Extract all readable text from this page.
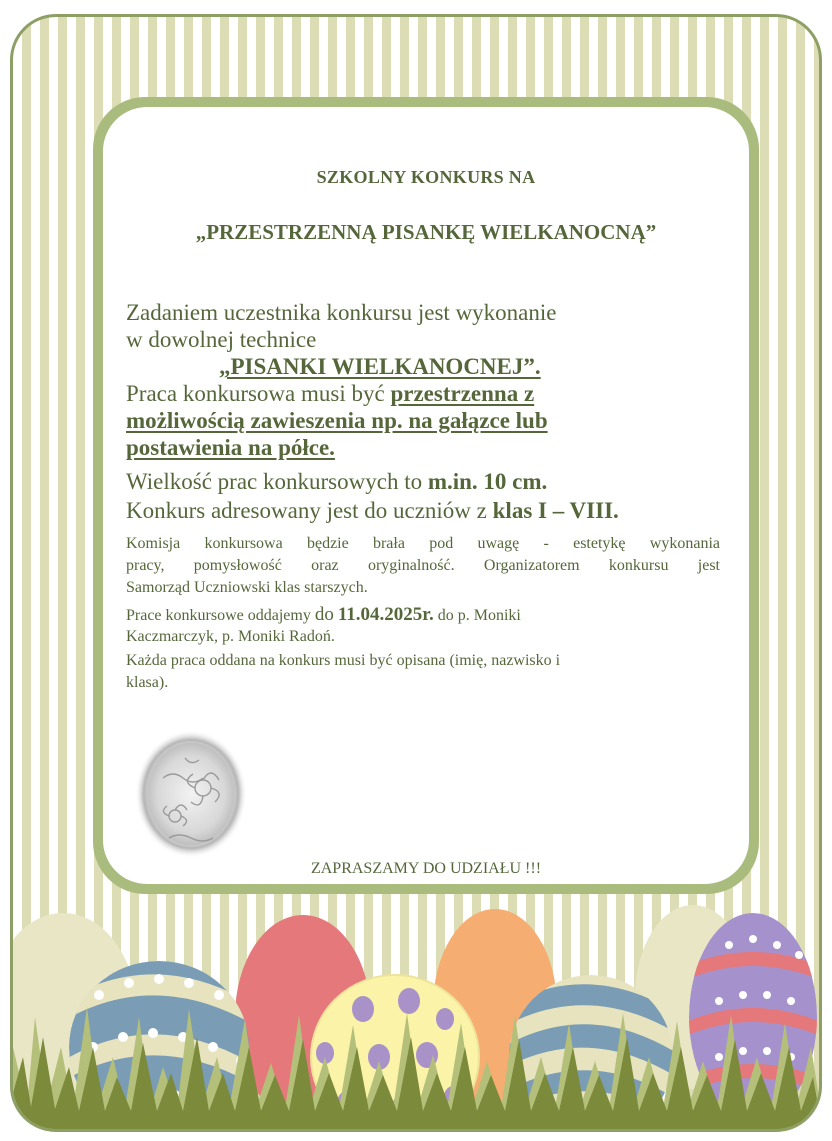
SZKOLNY KONKURS NA
„PRZESTRZENNĄ PISANKĘ WIELKANOCNĄ”
Zadaniem uczestnika konkursu jest wykonanie
w dowolnej technice
„PISANKI WIELKANOCNEJ”.
Praca konkursowa musi być przestrzenna z
możliwością zawieszenia np. na gałązce lub
postawienia na półce.
Wielkość prac konkursowych to m.in. 10 cm.
Konkurs adresowany jest do uczniów z klas I – VIII.
Komisja konkursowa będzie brała pod uwagę - estetykę wykonania
pracy, pomysłowość oraz oryginalność. Organizatorem konkursu jest
Samorząd Uczniowski klas starszych.
Prace konkursowe oddajemy do 11.04.2025r. do p. Moniki
Kaczmarczyk, p. Moniki Radoń.
Każda praca oddana na konkurs musi być opisana (imię, nazwisko i
klasa).
ZAPRASZAMY DO UDZIAŁU !!!
